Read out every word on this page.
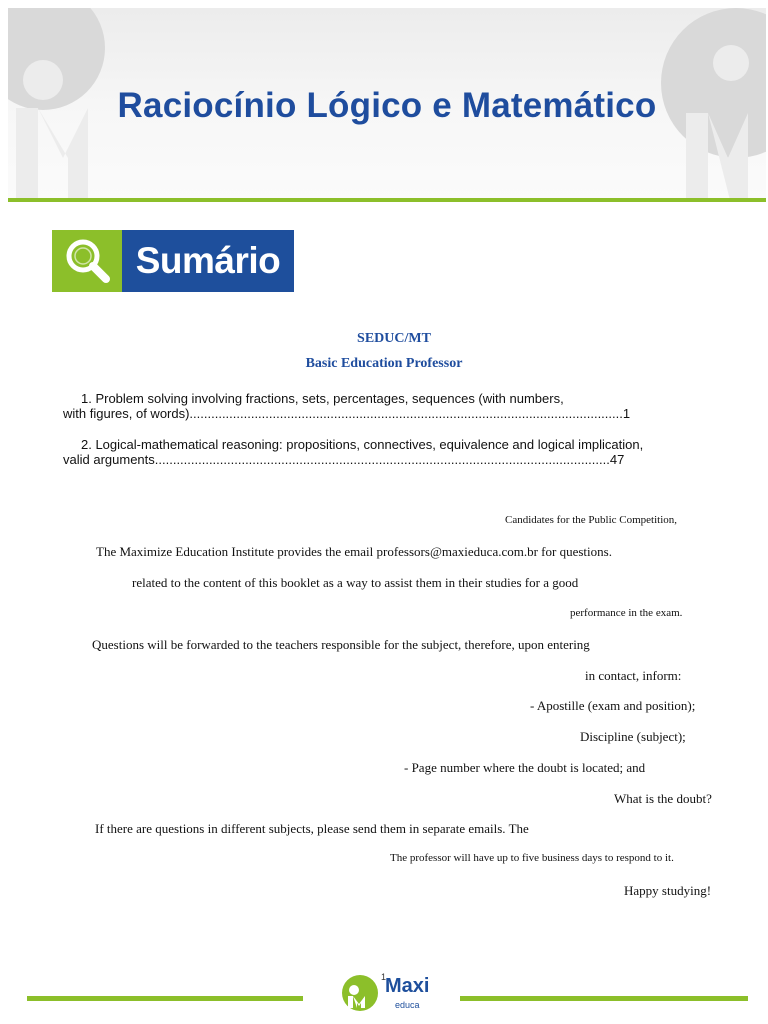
Raciocínio Lógico e Matemático
Sumário
SEDUC/MT
Basic Education Professor
1. Problem solving involving fractions, sets, percentages, sequences (with numbers,
with figures, of words)........................................................................................................................1
2. Logical-mathematical reasoning: propositions, connectives, equivalence and logical implication,
valid arguments..............................................................................................................................47
Candidates for the Public Competition,
The Maximize Education Institute provides the email professors@maxieduca.com.br for questions.
related to the content of this booklet as a way to assist them in their studies for a good
performance in the exam.
Questions will be forwarded to the teachers responsible for the subject, therefore, upon entering
in contact, inform:
- Apostille (exam and position);
Discipline (subject);
- Page number where the doubt is located; and
What is the doubt?
If there are questions in different subjects, please send them in separate emails. The
The professor will have up to five business days to respond to it.
Happy studying!
Maxi
educa
1
